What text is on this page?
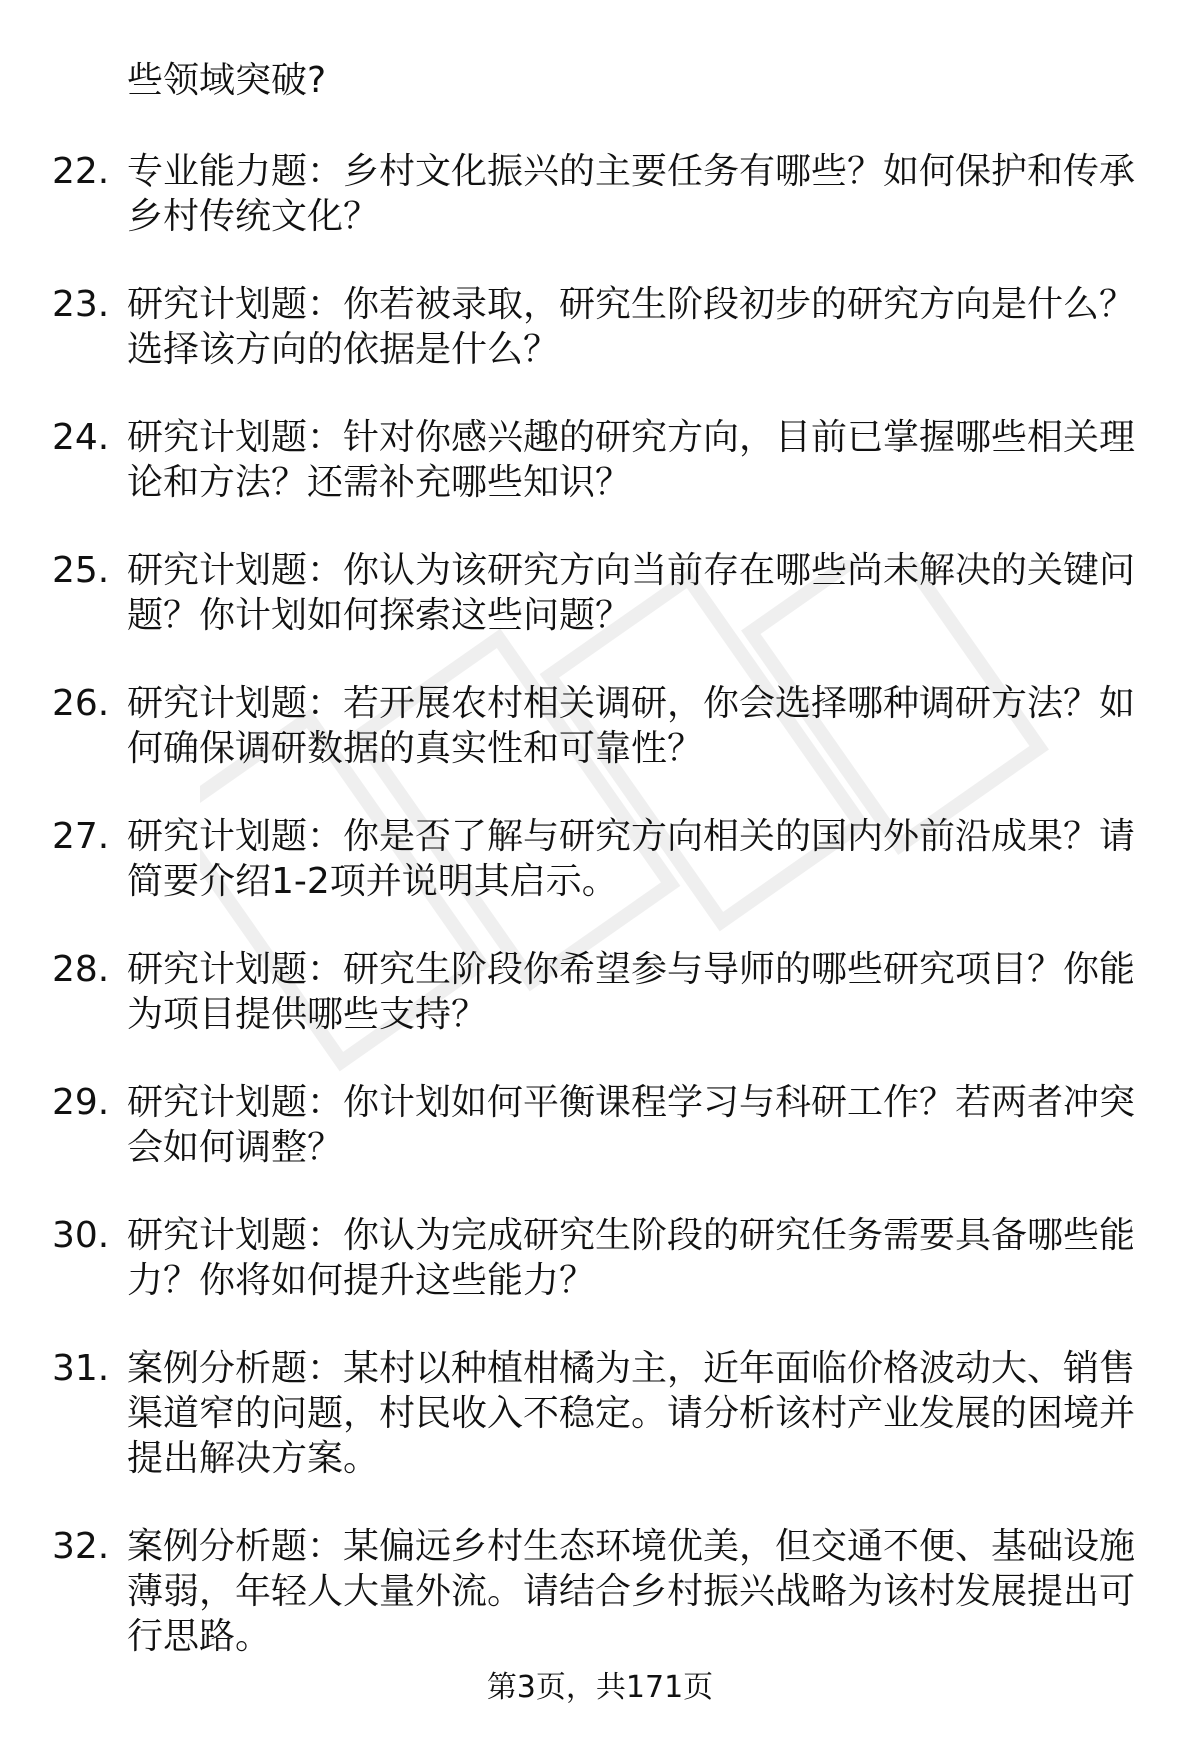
些领域突破?
22. 专业能力题：乡村文化振兴的主要任务有哪些？如何保护和传承
乡村传统文化？
23. 研究计划题：你若被录取，研究生阶段初步的研究方向是什么？
选择该方向的依据是什么？
24. 研究计划题：针对你感兴趣的研究方向，目前已掌握哪些相关理
论和方法？还需补充哪些知识？
25. 研究计划题：你认为该研究方向当前存在哪些尚未解决的关键问
题？你计划如何探索这些问题？
26. 研究计划题：若开展农村相关调研，你会选择哪种调研方法？如
何确保调研数据的真实性和可靠性？
27. 研究计划题：你是否了解与研究方向相关的国内外前沿成果？请
简要介绍1-2项并说明其启示。
28. 研究计划题：研究生阶段你希望参与导师的哪些研究项目？你能
为项目提供哪些支持？
29. 研究计划题：你计划如何平衡课程学习与科研工作？若两者冲突
会如何调整？
30. 研究计划题：你认为完成研究生阶段的研究任务需要具备哪些能
力？你将如何提升这些能力？
31. 案例分析题：某村以种植柑橘为主，近年面临价格波动大、销售
渠道窄的问题，村民收入不稳定。请分析该村产业发展的困境并
提出解决方案。
32. 案例分析题：某偏远乡村生态环境优美，但交通不便、基础设施
薄弱，年轻人大量外流。请结合乡村振兴战略为该村发展提出可
行思路。
第3页，共171页
